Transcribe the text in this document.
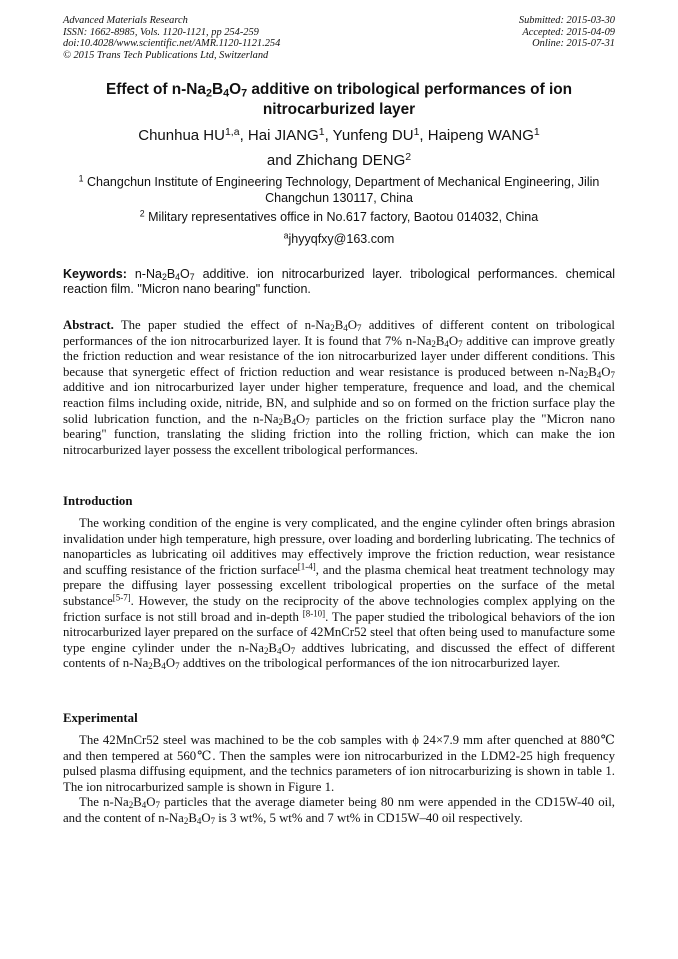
Advanced Materials Research
ISSN: 1662-8985, Vols. 1120-1121, pp 254-259
doi:10.4028/www.scientific.net/AMR.1120-1121.254
© 2015 Trans Tech Publications Ltd, Switzerland
Submitted: 2015-03-30
Accepted: 2015-04-09
Online: 2015-07-31
Effect of $n-Na_2B_4O_7$ additive on tribological performances of ion nitrocarburized layer
Chunhua HU$^{1,a}$, Hai JIANG$^1$, Yunfeng $DU^1$, Haipeng WANG$^1$
and Zhichang DENG$^2$
$^1$ Changchun Institute of Engineering Technology, Department of Mechanical Engineering, Jilin Changchun 130117, China
$^2$ Military representatives office in No.617 factory, Baotou 014032, China
$^a$jhyyqfxy@163.com
Keywords: $n-Na_2B_4O_7$ additive. ion nitrocarburized layer. tribological performances. chemical reaction film. "Micron nano bearing" function.
Abstract. The paper studied the effect of $n-Na_2B_4O_7$ additives of different content on tribological performances of the ion nitrocarburized layer. It is found that 7% $n-Na_2B_4O_7$ additive can improve greatly the friction reduction and wear resistance of the ion nitrocarburized layer under different conditions. This because that synergetic effect of friction reduction and wear resistance is produced between $n-Na_2B_4O_7$ additive and ion nitrocarburized layer under higher temperature, frequence and load, and the chemical reaction films including oxide, nitride, BN, and sulphide and so on formed on the friction surface play the solid lubrication function, and the $n-Na_2B_4O_7$ particles on the friction surface play the "Micron nano bearing" function, translating the sliding friction into the rolling friction, which can make the ion nitrocarburized layer possess the excellent tribological performances.
Introduction

The working condition of the engine is very complicated, and the engine cylinder often brings abrasion invalidation under high temperature, high pressure, over loading and borderling lubricating. The technics of nanoparticles as lubricating oil additives may effectively improve the friction reduction, wear resistance and scuffing resistance of the friction surface[1-4], and the plasma chemical heat treatment technology may prepare the diffusing layer possessing excellent tribological properties on the surface of the metal substance[5-7]. However, the study on the reciprocity of the above technologies complex applying on the friction surface is not still broad and in-depth [8-10]. The paper studied the tribological behaviors of the ion nitrocarburized layer prepared on the surface of 42MnCr52 steel that often being used to manufacture some type engine cylinder under the $n-Na_2B_4O_7$ addtives lubricating, and discussed the effect of different contents of $n-Na_2B_4O_7$ addtives on the tribological performances of the ion nitrocarburized layer.

Experimental

The 42MnCr52 steel was machined to be the cob samples with ϕ 24×7.9 mm after quenched at 880℃ and then tempered at 560℃. Then the samples were ion nitrocarburized in the LDM2-25 high frequency pulsed plasma diffusing equipment, and the technics parameters of ion nitrocarburizing is shown in table 1. The ion nitrocarburized sample is shown in Figure 1.

The $n-Na_2B_4O_7$ particles that the average diameter being 80 nm were appended in the CD15W-40 oil, and the content of $n-Na_2B_4O_7$ is 3 wt%, 5 wt% and 7 wt% in CD15W–40 oil respectively.
